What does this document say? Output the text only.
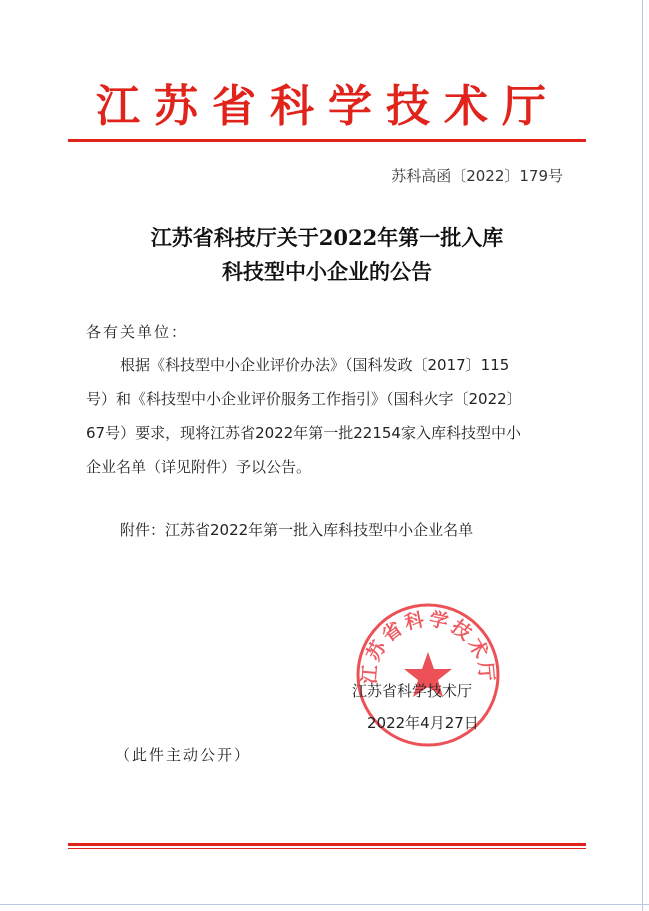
江苏省科学技术厅
苏科高函〔2022〕179号
江苏省科技厅关于2022年第一批入库
科技型中小企业的公告
各有关单位：
根据《科技型中小企业评价办法》（国科发政〔2017〕115
号）和《科技型中小企业评价服务工作指引》（国科火字〔2022〕
67号）要求，现将江苏省2022年第一批22154家入库科技型中小
企业名单（详见附件）予以公告。
附件：江苏省2022年第一批入库科技型中小企业名单
江苏省科学技术厅
江苏省科学技术厅
2022年4月27日
（此件主动公开）
